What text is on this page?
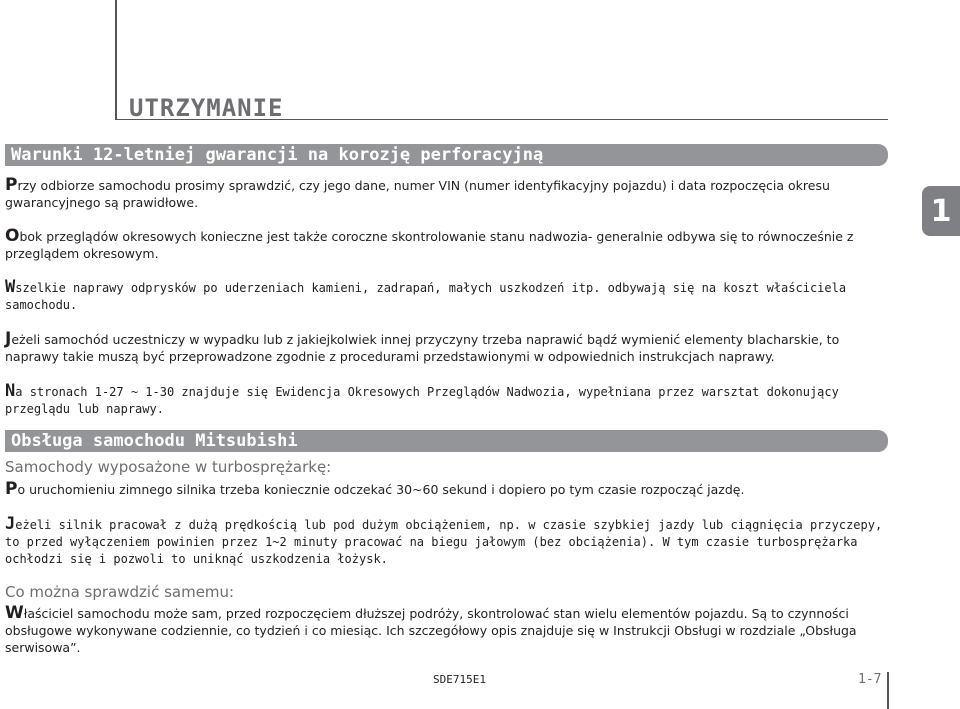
UTRZYMANIE
1
Warunki 12-letniej gwarancji na korozję perforacyjną

Przy odbiorze samochodu prosimy sprawdzić, czy jego dane, numer VIN (numer identyfikacyjny pojazdu) i data rozpoczęcia okresu gwarancyjnego są prawidłowe.

Obok przeglądów okresowych konieczne jest także coroczne skontrolowanie stanu nadwozia- generalnie odbywa się to równocześnie z przeglądem okresowym.

Wszelkie naprawy odprysków po uderzeniach kamieni, zadrapań, małych uszkodzeń itp. odbywają się na koszt właściciela samochodu.

Jeżeli samochód uczestniczy w wypadku lub z jakiejkolwiek innej przyczyny trzeba naprawić bądź wymienić elementy blacharskie, to naprawy takie muszą być przeprowadzone zgodnie z procedurami przedstawionymi w odpowiednich instrukcjach naprawy.

Na stronach 1-27 ~ 1-30 znajduje się Ewidencja Okresowych Przeglądów Nadwozia, wypełniana przez warsztat dokonujący przeglądu lub naprawy.

Obsługa samochodu Mitsubishi
Samochody wyposażone w turbosprężarkę:

Po uruchomieniu zimnego silnika trzeba koniecznie odczekać 30~60 sekund i dopiero po tym czasie rozpocząć jazdę.

Jeżeli silnik pracował z dużą prędkością lub pod dużym obciążeniem, np. w czasie szybkiej jazdy lub ciągnięcia przyczepy, to przed wyłączeniem powinien przez 1~2 minuty pracować na biegu jałowym (bez obciążenia). W tym czasie turbosprężarka ochłodzi się i pozwoli to uniknąć uszkodzenia łożysk.

Co można sprawdzić samemu:

Właściciel samochodu może sam, przed rozpoczęciem dłuższej podróży, skontrolować stan wielu elementów pojazdu. Są to czynności obsługowe wykonywane codziennie, co tydzień i co miesiąc. Ich szczegółowy opis znajduje się w Instrukcji Obsługi w rozdziale „Obsługa serwisowa”.

SDE715E1	1-7
